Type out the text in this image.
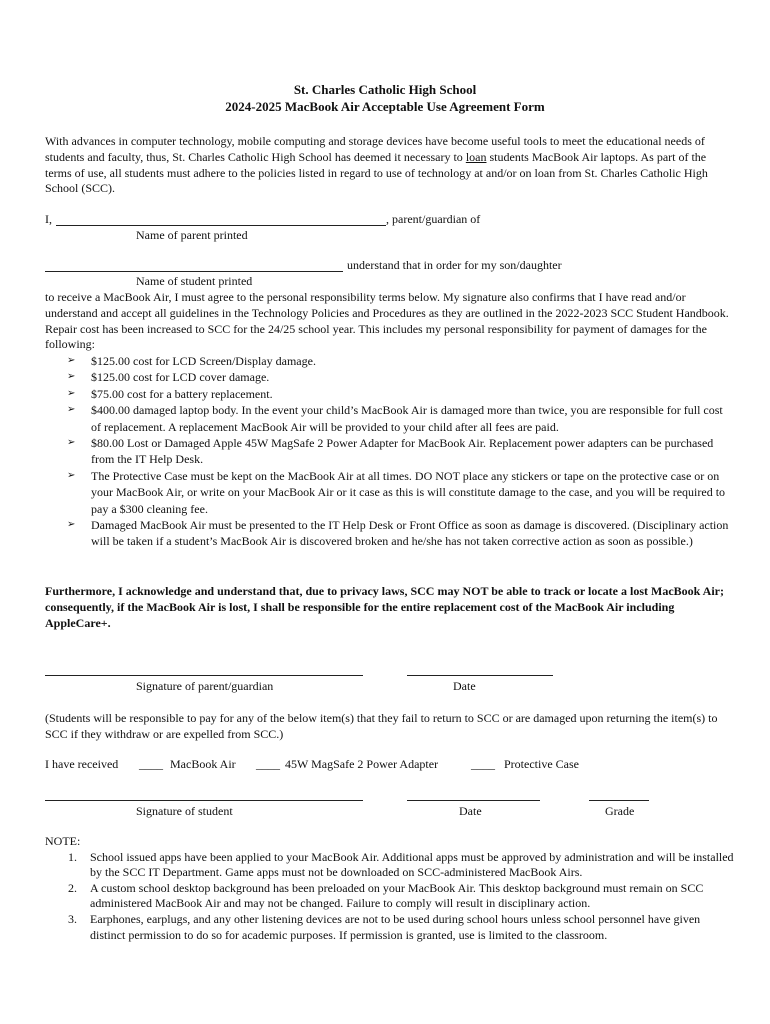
St. Charles Catholic High School
2024-2025 MacBook Air Acceptable Use Agreement Form
With advances in computer technology, mobile computing and storage devices have become useful tools to meet the educational needs of students and faculty, thus, St. Charles Catholic High School has deemed it necessary to loan students MacBook Air laptops. As part of the terms of use, all students must adhere to the policies listed in regard to use of technology at and/or on loan from St. Charles Catholic High School (SCC).
I,	, parent/guardian of
Name of parent printed
understand that in order for my son/daughter
Name of student printed
to receive a MacBook Air, I must agree to the personal responsibility terms below. My signature also confirms that I have read and/or understand and accept all guidelines in the Technology Policies and Procedures as they are outlined in the 2022-2023 SCC Student Handbook. Repair cost has been increased to SCC for the 24/25 school year. This includes my personal responsibility for payment of damages for the following:
➢ $125.00 cost for LCD Screen/Display damage.
➢ $125.00 cost for LCD cover damage.
➢ $75.00 cost for a battery replacement.
➢ $400.00 damaged laptop body. In the event your child’s MacBook Air is damaged more than twice, you are responsible for full cost of replacement. A replacement MacBook Air will be provided to your child after all fees are paid.
➢ $80.00 Lost or Damaged Apple 45W MagSafe 2 Power Adapter for MacBook Air. Replacement power adapters can be purchased from the IT Help Desk.
➢ The Protective Case must be kept on the MacBook Air at all times. DO NOT place any stickers or tape on the protective case or on your MacBook Air, or write on your MacBook Air or it case as this is will constitute damage to the case, and you will be required to pay a $300 cleaning fee.
➢ Damaged MacBook Air must be presented to the IT Help Desk or Front Office as soon as damage is discovered. (Disciplinary action will be taken if a student’s MacBook Air is discovered broken and he/she has not taken corrective action as soon as possible.)
Furthermore, I acknowledge and understand that, due to privacy laws, SCC may NOT be able to track or locate a lost MacBook Air; consequently, if the MacBook Air is lost, I shall be responsible for the entire replacement cost of the MacBook Air including AppleCare+.
Signature of parent/guardian	Date
(Students will be responsible to pay for any of the below item(s) that they fail to return to SCC or are damaged upon returning the item(s) to SCC if they withdraw or are expelled from SCC.)
I have received ____ MacBook Air ____ 45W MagSafe 2 Power Adapter	____ Protective Case
Signature of student	Date	Grade
NOTE:
1. School issued apps have been applied to your MacBook Air. Additional apps must be approved by administration and will be installed by the SCC IT Department. Game apps must not be downloaded on SCC-administered MacBook Airs.
2. A custom school desktop background has been preloaded on your MacBook Air. This desktop background must remain on SCC administered MacBook Air and may not be changed. Failure to comply will result in disciplinary action.
3. Earphones, earplugs, and any other listening devices are not to be used during school hours unless school personnel have given distinct permission to do so for academic purposes. If permission is granted, use is limited to the classroom.
